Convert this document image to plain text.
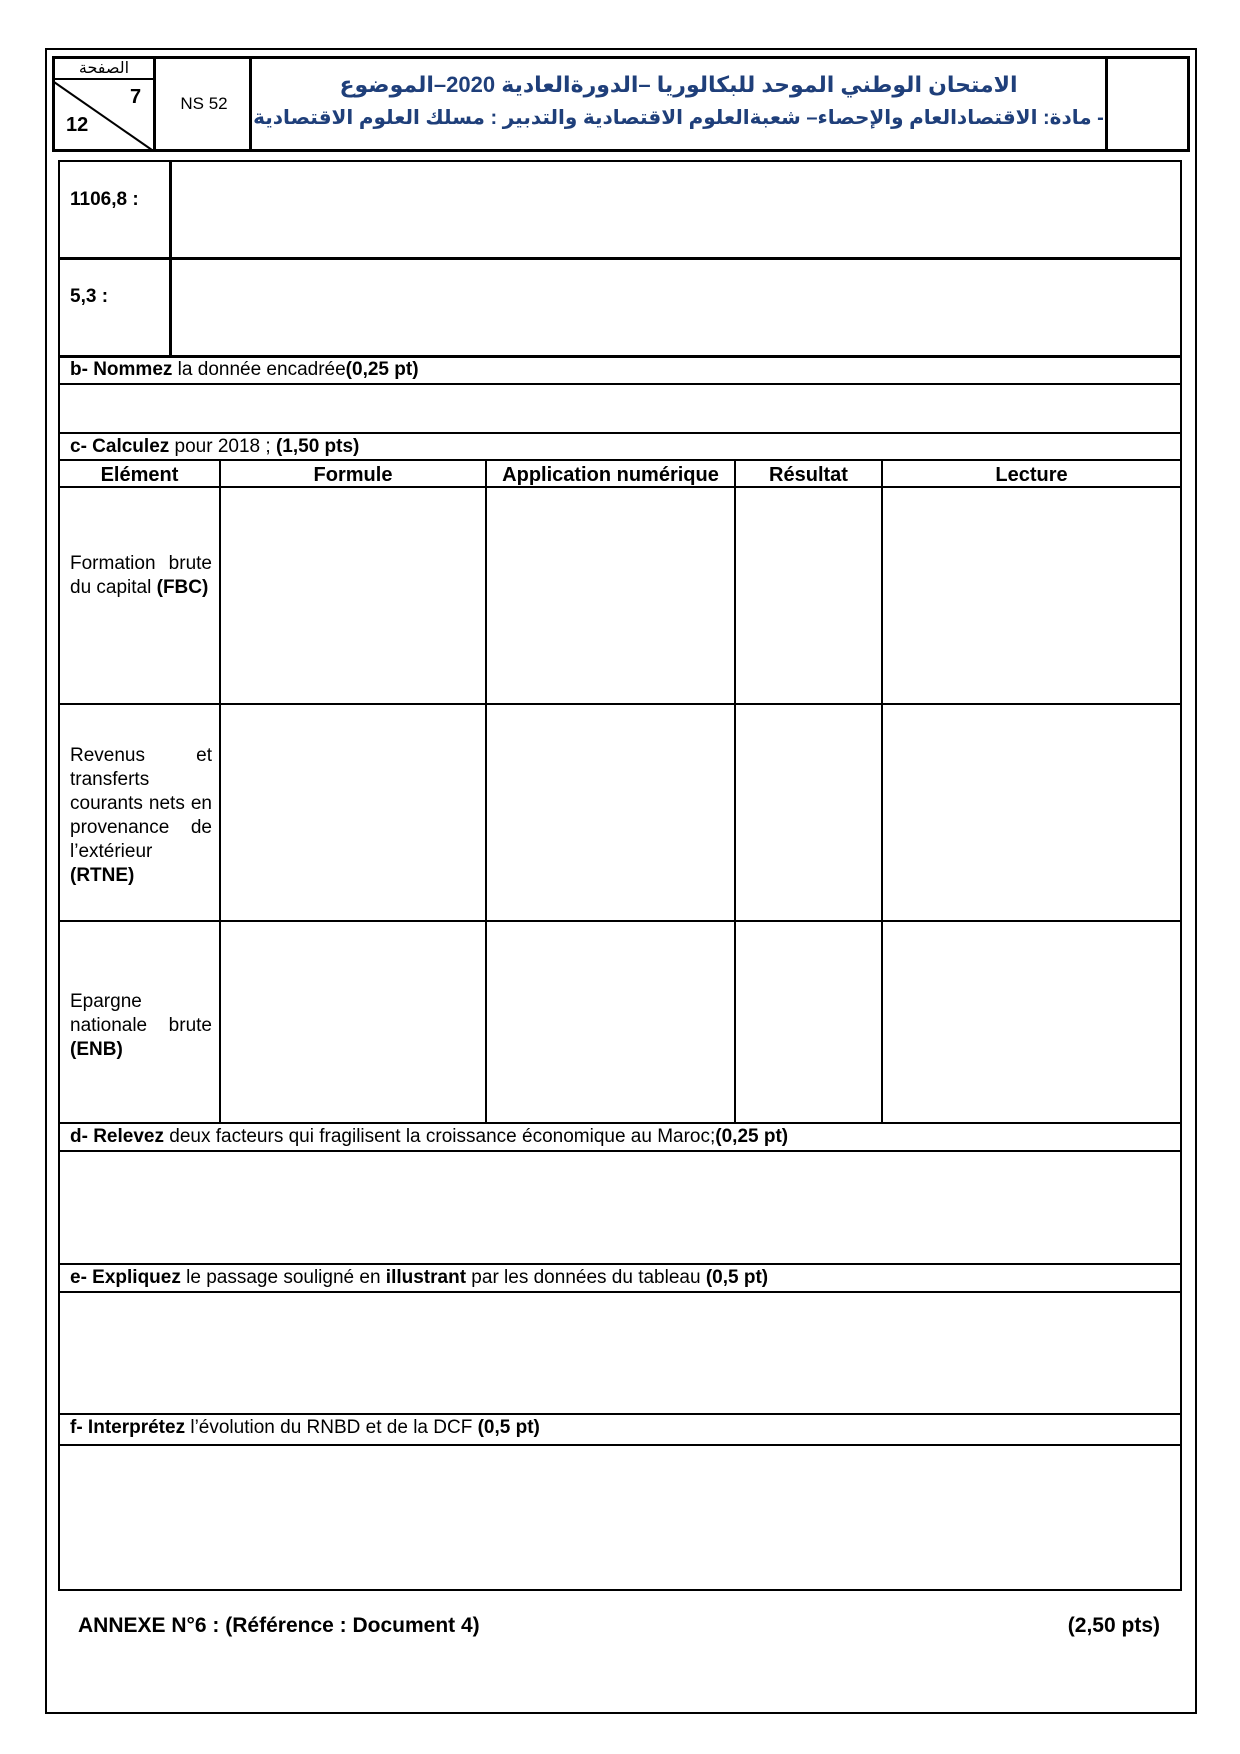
الصفحة
7
12
NS 52
الامتحان الوطني الموحد للبكالوريا –الدورةالعادية 2020–الموضوع
- مادة: الاقتصادالعام والإحصاء– شعبةالعلوم الاقتصادية والتدبير : مسلك العلوم الاقتصادية
1106,8 :
5,3 :
b- Nommez la donnée encadrée(0,25 pt)
c- Calculez pour 2018 ; (1,50 pts)
Elément	Formule	Application numérique	Résultat	Lecture
Formation brute du capital (FBC)
Revenus et transferts courants nets en provenance de l’extérieur

(RTNE)
Epargne nationale brute (ENB)
d- Relevez deux facteurs qui fragilisent la croissance économique au Maroc;(0,25 pt)
e- Expliquez le passage souligné en illustrant par les données du tableau (0,5 pt)
f- Interprétez l’évolution du RNBD et de la DCF (0,5 pt)
ANNEXE N°6 : (Référence : Document 4)	(2,50 pts)
